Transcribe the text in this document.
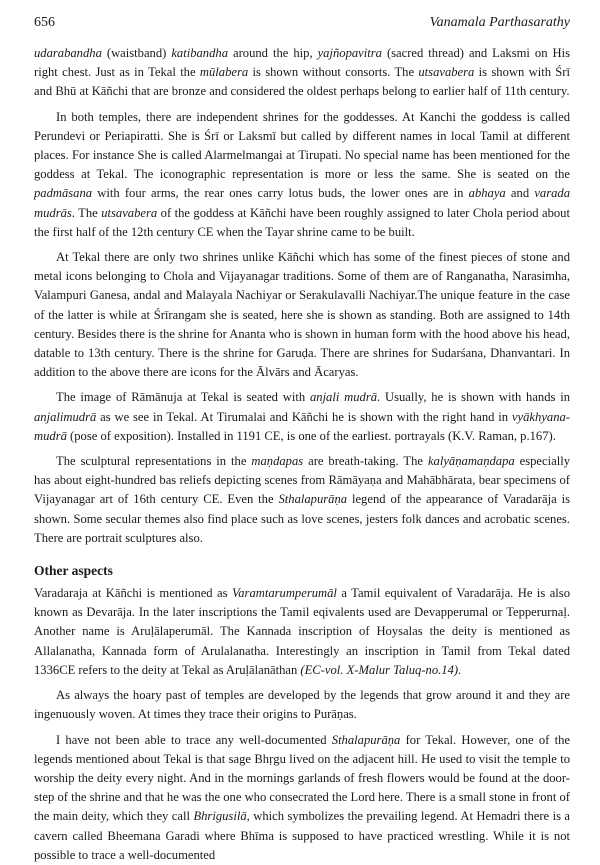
656	Vanamala Parthasarathy

udarabandha (waistband) katibandha around the hip, yajñopavitra (sacred thread) and Laksmi on His right chest. Just as in Tekal the mūlabera is shown without consorts. The utsavabera is shown with Śrī and Bhū at Kāñchi that are bronze and considered the oldest perhaps belong to earlier half of 11th century.

In both temples, there are independent shrines for the goddesses. At Kanchi the goddess is called Perundevi or Periapiratti. She is Śrī or Laksmī but called by different names in local Tamil at different places. For instance She is called Alarmelmangai at Tirupati. No special name has been mentioned for the goddess at Tekal. The iconographic representation is more or less the same. She is seated on the padmāsana with four arms, the rear ones carry lotus buds, the lower ones are in abhaya and varada mudrās. The utsavabera of the goddess at Kāñchi have been roughly assigned to later Chola period about the first half of the 12th century CE when the Tayar shrine came to be built.

At Tekal there are only two shrines unlike Kāñchi which has some of the finest pieces of stone and metal icons belonging to Chola and Vijayanagar traditions. Some of them are of Ranganatha, Narasimha, Valampuri Ganesa, andal and Malayala Nachiyar or Serakulavalli Nachiyar.The unique feature in the case of the latter is while at Śrīrangam she is seated, here she is shown as standing. Both are assigned to 14th century. Besides there is the shrine for Ananta who is shown in human form with the hood above his head, datable to 13th century. There is the shrine for Garuḍa. There are shrines for Sudarśana, Dhanvantari. In addition to the above there are icons for the Ālvārs and Ācaryas.

The image of Rāmānuja at Tekal is seated with anjali mudrā. Usually, he is shown with hands in anjalimudrā as we see in Tekal. At Tirumalai and Kāñchi he is shown with the right hand in vyākhyana-mudrā (pose of exposition). Installed in 1191 CE, is one of the earliest. portrayals (K.V. Raman, p.167).

The sculptural representations in the maṇdapas are breath-taking. The kalyāṇamaṇdapa especially has about eight-hundred bas reliefs depicting scenes from Rāmāyaṇa and Mahābhārata, bear specimens of Vijayanagar art of 16th century CE. Even the Sthalapurāṇa legend of the appearance of Varadarāja is shown. Some secular themes also find place such as love scenes, jesters folk dances and acrobatic scenes. There are portrait sculptures also.

Other aspects

Varadaraja at Kāñchi is mentioned as Varamtarumperumāl a Tamil equivalent of Varadarāja. He is also known as Devarāja. In the later inscriptions the Tamil eqivalents used are Devapperumal or Tepperurnaḷ. Another name is Aruḷālaperumāl. The Kannada inscription of Hoysalas the deity is mentioned as Allalanatha, Kannada form of Arulalanatha. Interestingly an inscription in Tamil from Tekal dated 1336CE refers to the deity at Tekal as Aruḷālanāthan (EC-vol. X-Malur Taluq-no.14).

As always the hoary past of temples are developed by the legends that grow around it and they are ingenuously woven. At times they trace their origins to Purāṇas.

I have not been able to trace any well-documented Sthalapurāṇa for Tekal. However, one of the legends mentioned about Tekal is that sage Bhṛgu lived on the adjacent hill. He used to visit the temple to worship the deity every night. And in the mornings garlands of fresh flowers would be found at the door-step of the shrine and that he was the one who consecrated the Lord here. There is a small stone in front of the main deity, which they call Bhrigusilā, which symbolizes the prevailing legend. At Hemadri there is a cavern called Bheemana Garadi where Bhīma is supposed to have practiced wrestling. While it is not possible to trace a well-documented
